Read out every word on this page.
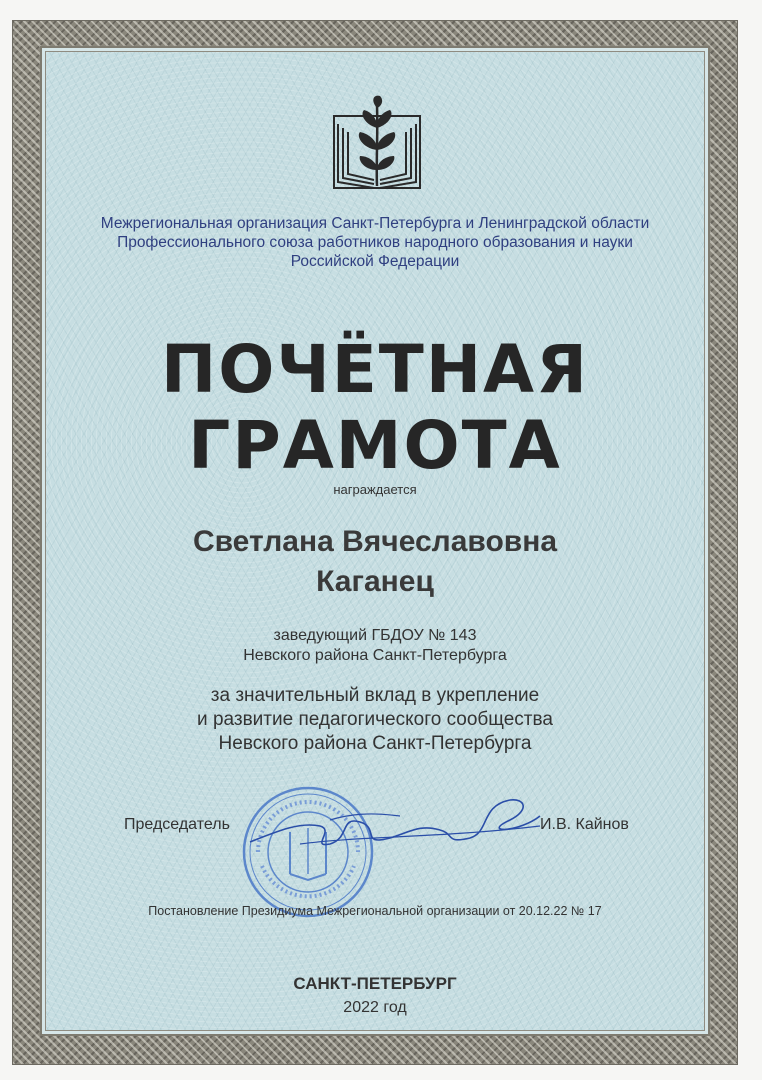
Межрегиональная организация Санкт-Петербурга и Ленинградской области
Профессионального союза работников народного образования и науки
Российской Федерации
ПОЧЁТНАЯ
ГРАМОТА
награждается
Светлана Вячеславовна
Каганец
заведующий ГБДОУ № 143
Невского района Санкт-Петербурга
за значительный вклад в укрепление
и развитие педагогического сообщества
Невского района Санкт-Петербурга
Председатель	И.В. Кайнов
Постановление Президиума Межрегиональной организации от 20.12.22 № 17
САНКТ-ПЕТЕРБУРГ
2022 год
